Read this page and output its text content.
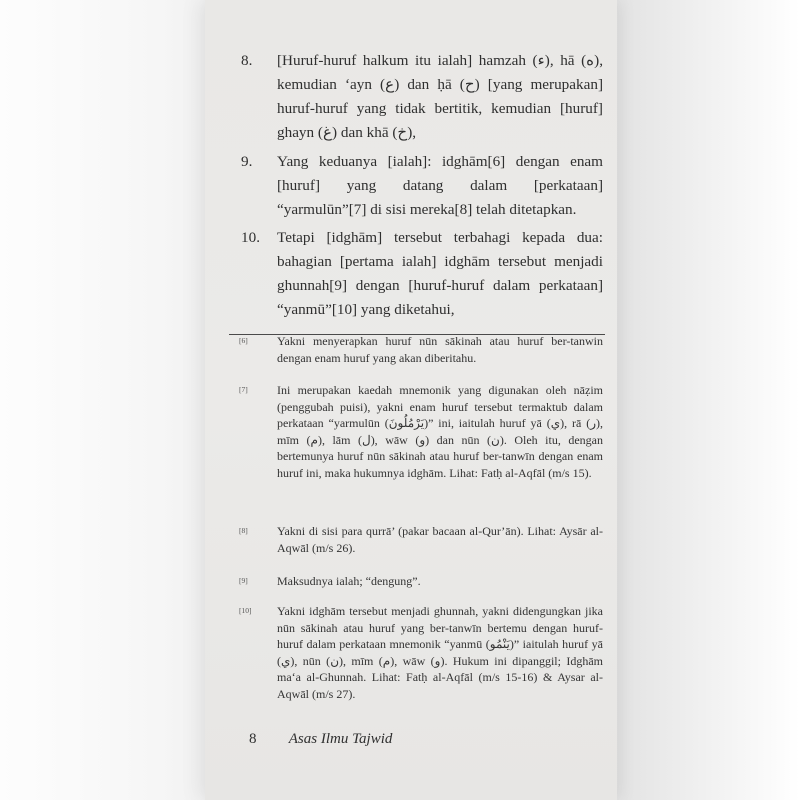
8.	[Huruf-huruf halkum itu ialah] hamzah (ء), hā (ه), kemudian ‘ayn (ع) dan ḥā (ح) [yang merupakan] huruf-huruf yang tidak bertitik, kemudian [huruf] ghayn (غ) dan khā (خ),
9.	Yang keduanya [ialah]: idghām[6] dengan enam [huruf] yang datang dalam [perkataan] “yarmulūn”[7] di sisi mereka[8] telah ditetapkan.
10.	Tetapi [idghām] tersebut terbahagi kepada dua: bahagian [pertama ialah] idghām tersebut menjadi ghunnah[9] dengan [huruf-huruf dalam perkataan] “yanmū”[10] yang diketahui,
[6] Yakni menyerapkan huruf nūn sākinah atau huruf ber-tanwin dengan enam huruf yang akan diberitahu.
[7] Ini merupakan kaedah mnemonik yang digunakan oleh nāẓim (penggubah puisi), yakni enam huruf tersebut termaktub dalam perkataan “yarmulūn (يَرْمُلُونَ)” ini, iaitulah huruf yā (ي), rā (ر), mīm (م), lām (ل), wāw (و) dan nūn (ن). Oleh itu, dengan bertemunya huruf nūn sākinah atau huruf ber-tanwīn dengan enam huruf ini, maka hukumnya idghām. Lihat: Fatḥ al-Aqfāl (m/s 15).
[8] Yakni di sisi para qurrā’ (pakar bacaan al-Qur’ān). Lihat: Aysār al-Aqwāl (m/s 26).
[9] Maksudnya ialah; “dengung”.
[10] Yakni idghām tersebut menjadi ghunnah, yakni didengungkan jika nūn sākinah atau huruf yang ber-tanwīn bertemu dengan huruf-huruf dalam perkataan mnemonik “yanmū (يَنْمُو)” iaitulah huruf yā (ي), nūn (ن), mīm (م), wāw (و). Hukum ini dipanggil; Idghām ma‘a al-Ghunnah. Lihat: Fatḥ al-Aqfāl (m/s 15-16) & Aysar al-Aqwāl (m/s 27).
8 Asas Ilmu Tajwid
